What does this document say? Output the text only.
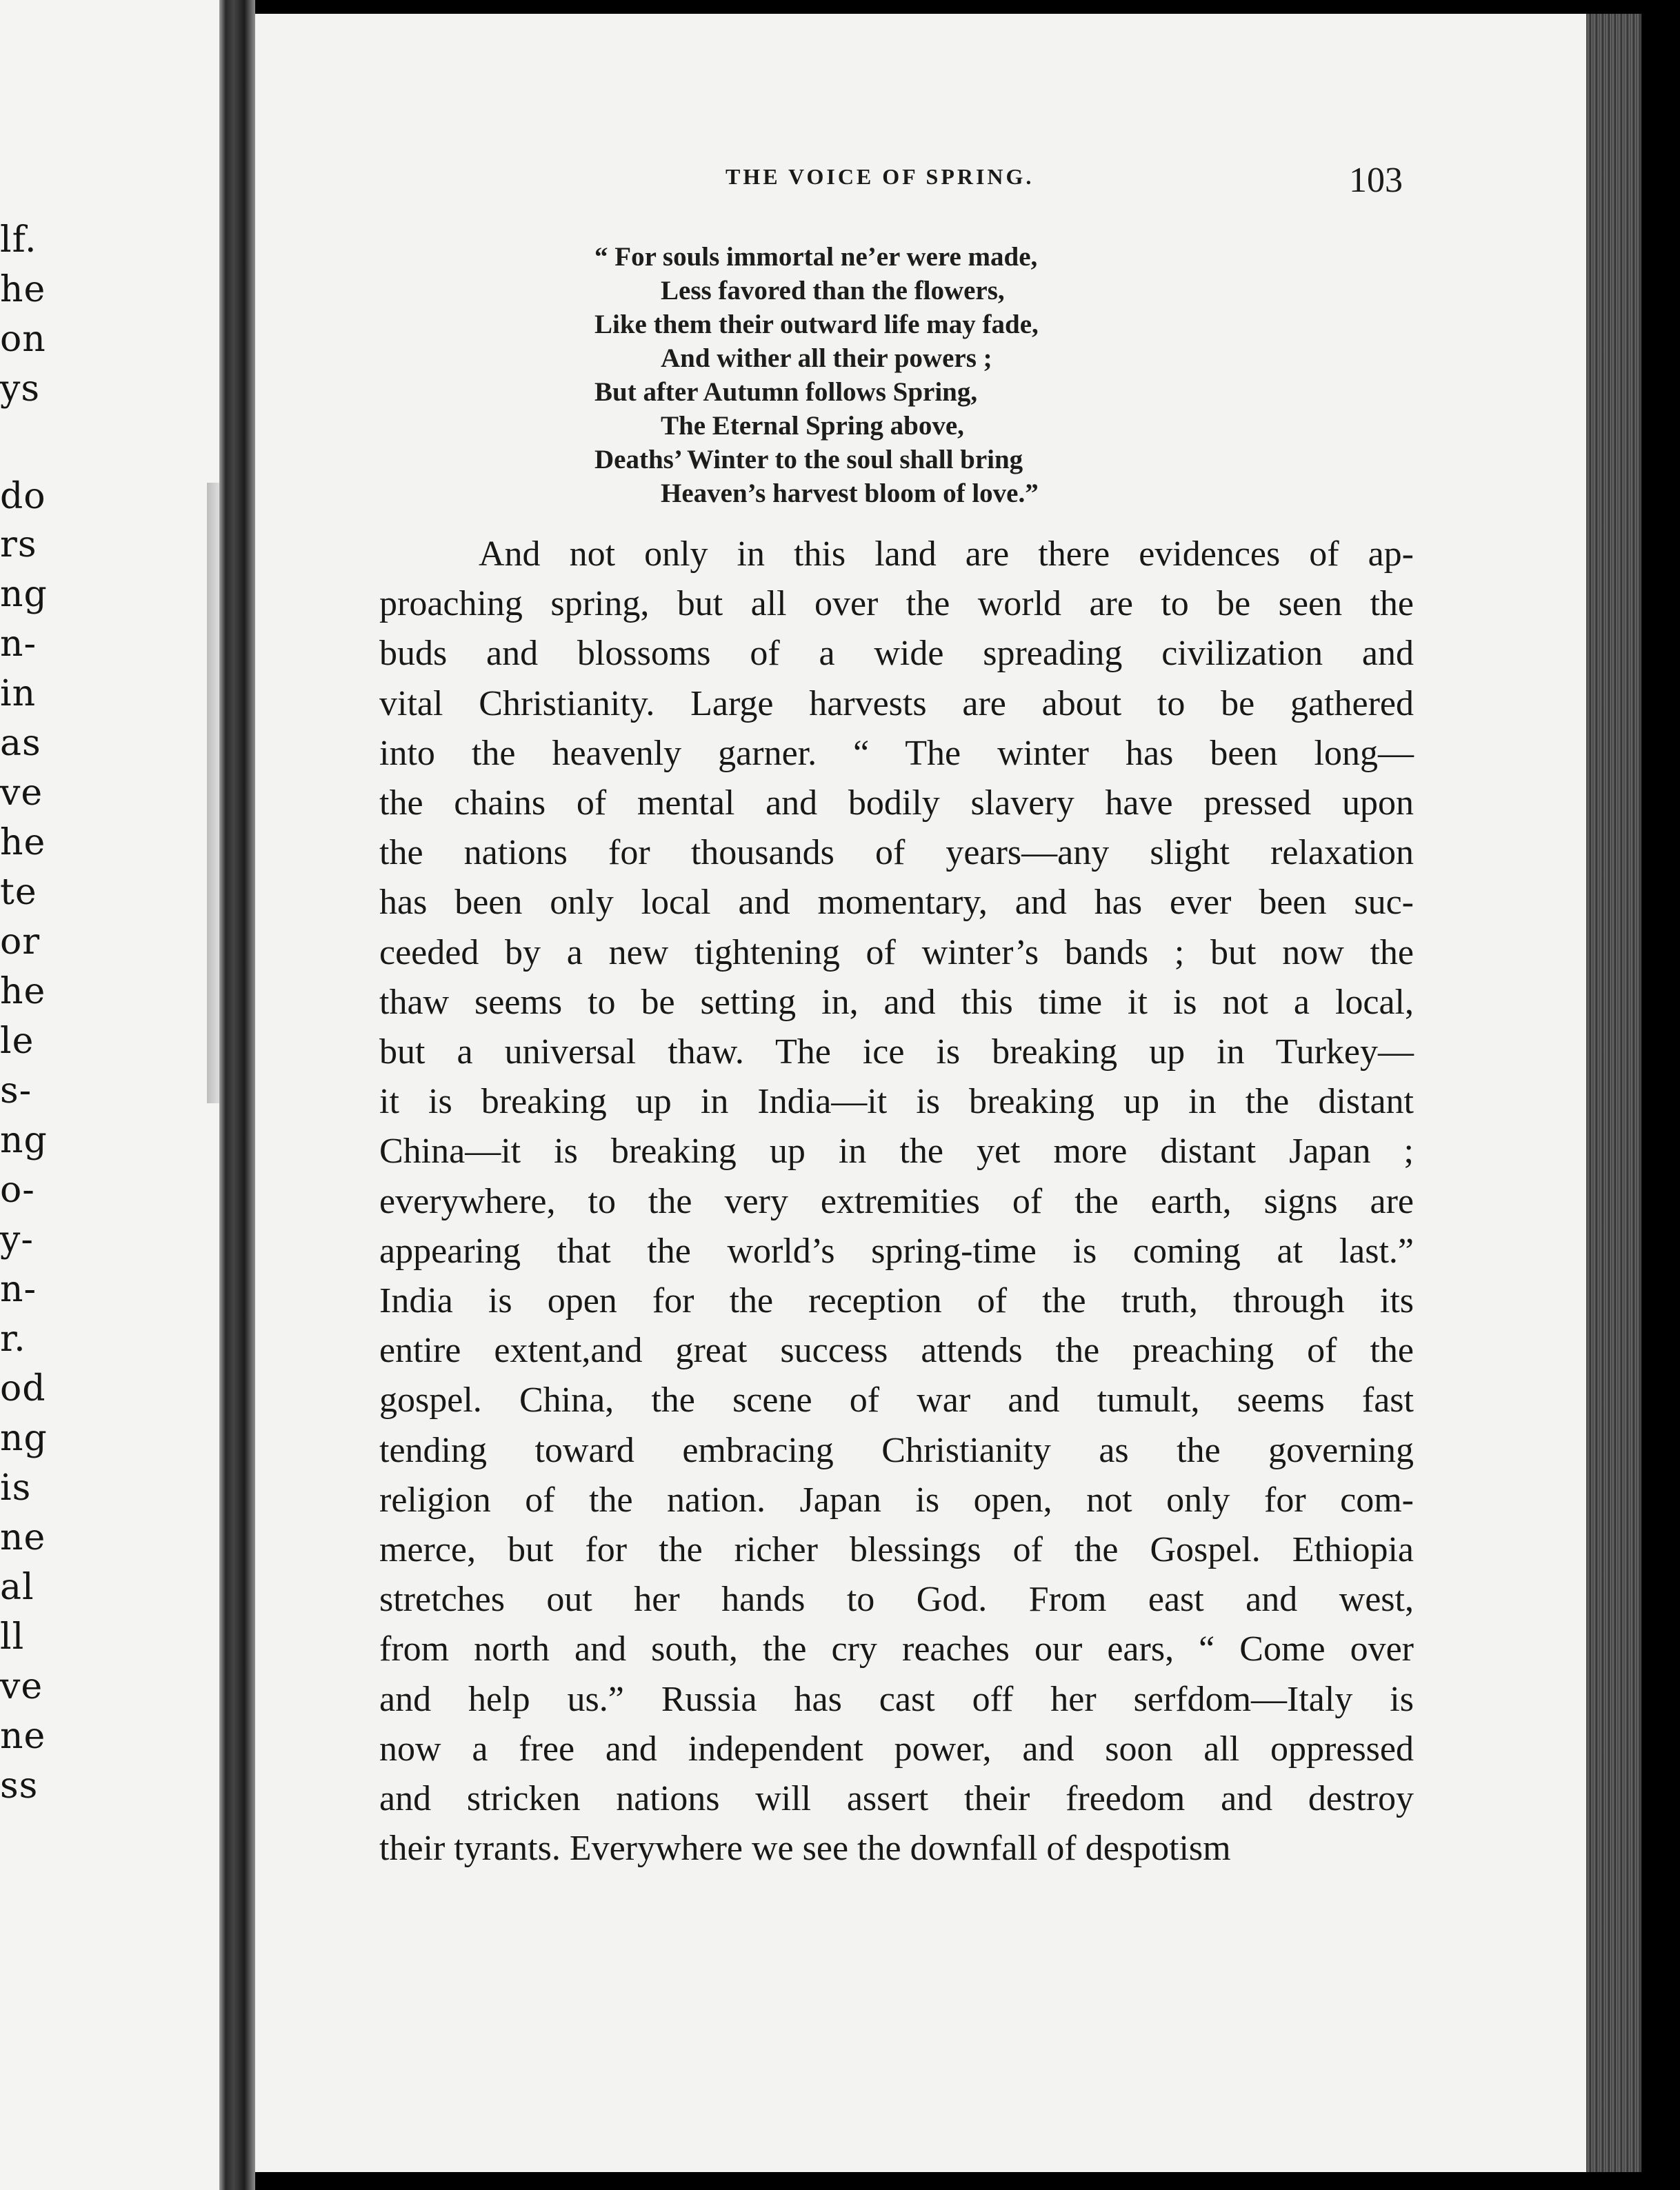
lf.
he
on
ys
do
rs
ng
n-
in
as
ve
he
te
or
he
le
s-
ng
o-
y-
n-
r.
od
ng
is
ne
al
ll
ve
ne
ss
THE VOICE OF SPRING.	103
“ For souls immortal ne’er were made,
Less favored than the flowers,
Like them their outward life may fade,
And wither all their powers ;
But after Autumn follows Spring,
The Eternal Spring above,
Deaths’ Winter to the soul shall bring
Heaven’s harvest bloom of love.”
And not only in this land are there evidences of ap-
proaching spring, but all over the world are to be seen the
buds and blossoms of a wide spreading civilization and
vital Christianity. Large harvests are about to be gathered
into the heavenly garner. “ The winter has been long—
the chains of mental and bodily slavery have pressed upon
the nations for thousands of years—any slight relaxation
has been only local and momentary, and has ever been suc-
ceeded by a new tightening of winter’s bands ; but now the
thaw seems to be setting in, and this time it is not a local,
but a universal thaw. The ice is breaking up in Turkey—
it is breaking up in India—it is breaking up in the distant
China—it is breaking up in the yet more distant Japan ;
everywhere, to the very extremities of the earth, signs are
appearing that the world’s spring-time is coming at last.”
India is open for the reception of the truth, through its
entire extent,and great success attends the preaching of the
gospel. China, the scene of war and tumult, seems fast
tending toward embracing Christianity as the governing
religion of the nation. Japan is open, not only for com-
merce, but for the richer blessings of the Gospel. Ethiopia
stretches out her hands to God. From east and west,
from north and south, the cry reaches our ears, “ Come over
and help us.” Russia has cast off her serfdom—Italy is
now a free and independent power, and soon all oppressed
and stricken nations will assert their freedom and destroy
their tyrants. Everywhere we see the downfall of despotism
